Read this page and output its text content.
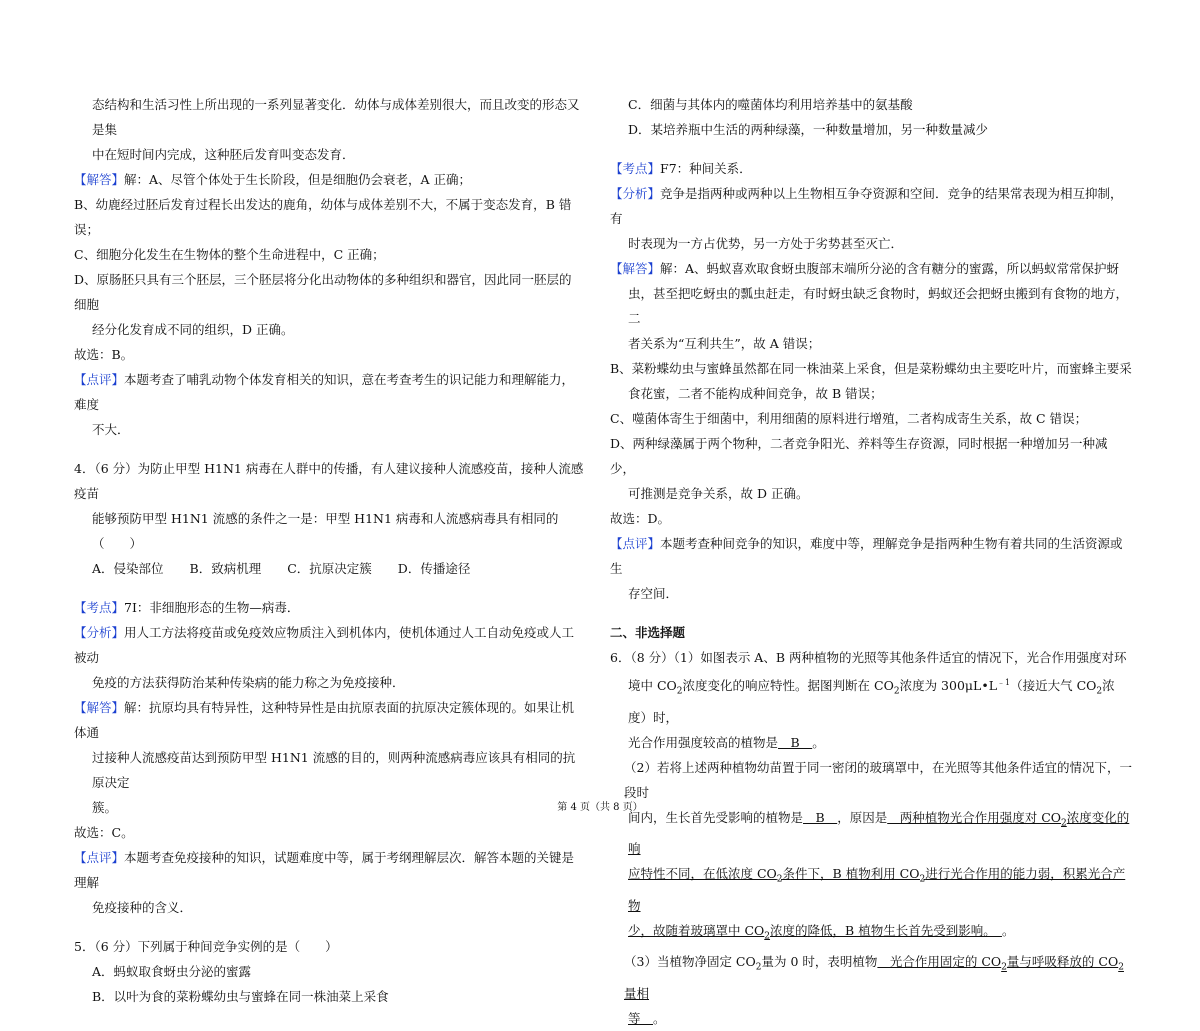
态结构和生活习性上所出现的一系列显著变化．幼体与成体差别很大，而且改变的形态又是集

中在短时间内完成，这种胚后发育叫变态发育．

【解答】解：A、尽管个体处于生长阶段，但是细胞仍会衰老，A 正确；

B、幼鹿经过胚后发育过程长出发达的鹿角，幼体与成体差别不大，不属于变态发育，B 错误；

C、细胞分化发生在生物体的整个生命进程中，C 正确；

D、原肠胚只具有三个胚层，三个胚层将分化出动物体的多种组织和器官，因此同一胚层的细胞

经分化发育成不同的组织，D 正确。

故选：B。

【点评】本题考查了哺乳动物个体发育相关的知识，意在考查考生的识记能力和理解能力，难度

不大．

4．（6 分）为防止甲型 H1N1 病毒在人群中的传播，有人建议接种人流感疫苗，接种人流感疫苗

能够预防甲型 H1N1 流感的条件之一是：甲型 H1N1 病毒和人流感病毒具有相同的（　　）

A．侵染部位 B．致病机理 C．抗原决定簇 D．传播途径

【考点】7I：非细胞形态的生物—病毒．

【分析】用人工方法将疫苗或免疫效应物质注入到机体内，使机体通过人工自动免疫或人工被动

免疫的方法获得防治某种传染病的能力称之为免疫接种．

【解答】解：抗原均具有特异性，这种特异性是由抗原表面的抗原决定簇体现的。如果让机体通

过接种人流感疫苗达到预防甲型 H1N1 流感的目的，则两种流感病毒应该具有相同的抗原决定

簇。

故选：C。

【点评】本题考查免疫接种的知识，试题难度中等，属于考纲理解层次．解答本题的关键是理解

免疫接种的含义．

5．（6 分）下列属于种间竞争实例的是（　　）

A．蚂蚁取食蚜虫分泌的蜜露

B．以叶为食的菜粉蝶幼虫与蜜蜂在同一株油菜上采食

C．细菌与其体内的噬菌体均利用培养基中的氨基酸

D．某培养瓶中生活的两种绿藻，一种数量增加，另一种数量减少

【考点】F7：种间关系．

【分析】竞争是指两种或两种以上生物相互争夺资源和空间．竞争的结果常表现为相互抑制，有

时表现为一方占优势，另一方处于劣势甚至灭亡．

【解答】解：A、蚂蚁喜欢取食蚜虫腹部末端所分泌的含有糖分的蜜露，所以蚂蚁常常保护蚜

虫，甚至把吃蚜虫的瓢虫赶走，有时蚜虫缺乏食物时，蚂蚁还会把蚜虫搬到有食物的地方，二

者关系为“互利共生”，故 A 错误；

B、菜粉蝶幼虫与蜜蜂虽然都在同一株油菜上采食，但是菜粉蝶幼虫主要吃叶片，而蜜蜂主要采

食花蜜，二者不能构成种间竞争，故 B 错误；

C、噬菌体寄生于细菌中，利用细菌的原料进行增殖，二者构成寄生关系，故 C 错误；

D、两种绿藻属于两个物种，二者竞争阳光、养料等生存资源，同时根据一种增加另一种减少，

可推测是竞争关系，故 D 正确。

故选：D。

【点评】本题考查种间竞争的知识，难度中等，理解竞争是指两种生物有着共同的生活资源或生

存空间．

二、非选择题

6．（8 分）（1）如图表示 A、B 两种植物的光照等其他条件适宜的情况下，光合作用强度对环

境中 $CO_2$浓度变化的响应特性。据图判断在 $CO_2$浓度为 $300\mu L•L^{﹣1}$（接近大气 $CO_2$浓度）时，

光合作用强度较高的植物是　B　。

（2）若将上述两种植物幼苗置于同一密闭的玻璃罩中，在光照等其他条件适宜的情况下，一段时

间内，生长首先受影响的植物是　B　，原因是　两种植物光合作用强度对 $CO_2$浓度变化的响

应特性不同，在低浓度 $CO_2$条件下，B 植物利用 $CO_2$进行光合作用的能力弱，积累光合产物

少，故随着玻璃罩中 $CO_2$浓度的降低，B 植物生长首先受到影响。　。

（3）当植物净固定 $CO_2$量为 0 时，表明植物　光合作用固定的 $CO_2$量与呼吸释放的 $CO_2$量相

等　。

第 4 页（共 8 页）
